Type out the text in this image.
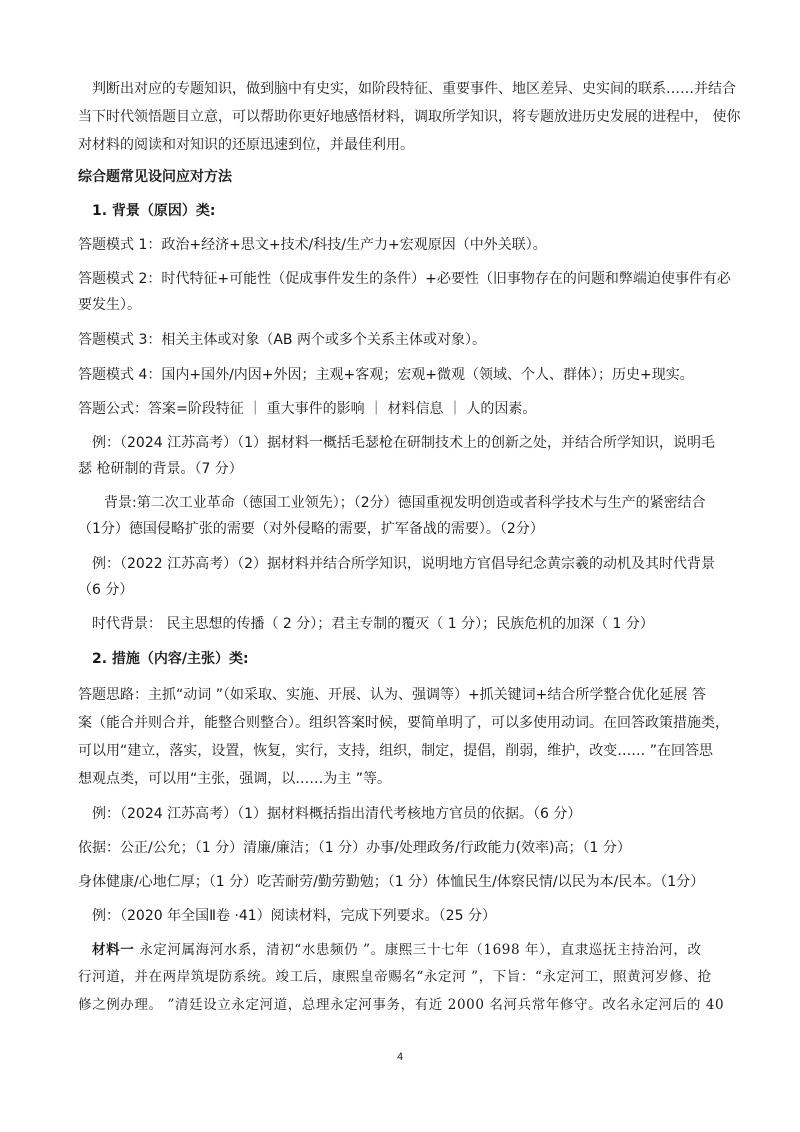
判断出对应的专题知识，做到脑中有史实，如阶段特征、重要事件、地区差异、史实间的联系……并结合
当下时代领悟题目立意，可以帮助你更好地感悟材料，调取所学知识，将专题放进历史发展的进程中， 使你
对材料的阅读和对知识的还原迅速到位，并最佳利用。
综合题常见设问应对方法
1. 背景（原因）类:
答题模式 1：政治+经济+思文+技术/科技/生产力+宏观原因（中外关联）。
答题模式 2：时代特征+可能性（促成事件发生的条件）+必要性（旧事物存在的问题和弊端迫使事件有必
要发生）。
答题模式 3：相关主体或对象（AB 两个或多个关系主体或对象）。
答题模式 4：国内+国外/内因+外因；主观+客观；宏观+微观（领域、个人、群体）；历史+现实。
答题公式：答案=阶段特征 ｜ 重大事件的影响 ｜ 材料信息 ｜ 人的因素。
例：（2024 江苏高考）（1）据材料一概括毛瑟枪在研制技术上的创新之处，并结合所学知识，说明毛
瑟 枪研制的背景。（7 分）
背景:第二次工业革命（德国工业领先）；（2分）德国重视发明创造或者科学技术与生产的紧密结合
（1分）德国侵略扩张的需要（对外侵略的需要，扩军备战的需要）。（2分）
例：（2022 江苏高考）（2）据材料并结合所学知识，说明地方官倡导纪念黄宗羲的动机及其时代背景
（6 分）
时代背景： 民主思想的传播（ 2 分）；君主专制的覆灭（ 1 分）；民族危机的加深（ 1 分）
2. 措施（内容/主张）类:
答题思路：主抓“动词 ”（如采取、实施、开展、认为、强调等）+抓关键词+结合所学整合优化延展 答
案（能合并则合并，能整合则整合）。组织答案时候，要简单明了，可以多使用动词。在回答政策措施类，
可以用“建立，落实，设置，恢复，实行，支持，组织，制定，提倡，削弱，维护，改变…… ”在回答思
想观点类，可以用“主张，强调，以……为主 ”等。
例：（2024 江苏高考）（1）据材料概括指出清代考核地方官员的依据。（6 分）
依据：公正/公允；（1 分）清廉/廉洁；（1 分）办事/处理政务/行政能力(效率)高；（1 分）
身体健康/心地仁厚；（1 分）吃苦耐劳/勤劳勤勉；（1 分）体恤民生/体察民情/以民为本/民本。（1分）
例：（2020 年全国Ⅱ卷 ·41）阅读材料，完成下列要求。（25 分）
材料一 永定河属海河水系，清初“水患频仍 ”。康熙三十七年（1698 年），直隶巡抚主持治河，改
行河道，并在两岸筑堤防系统。竣工后，康熙皇帝赐名“永定河 ”，下旨：“永定河工，照黄河岁修、抢
修之例办理。 ”清廷设立永定河道，总理永定河事务，有近 2000 名河兵常年修守。改名永定河后的 40
4
